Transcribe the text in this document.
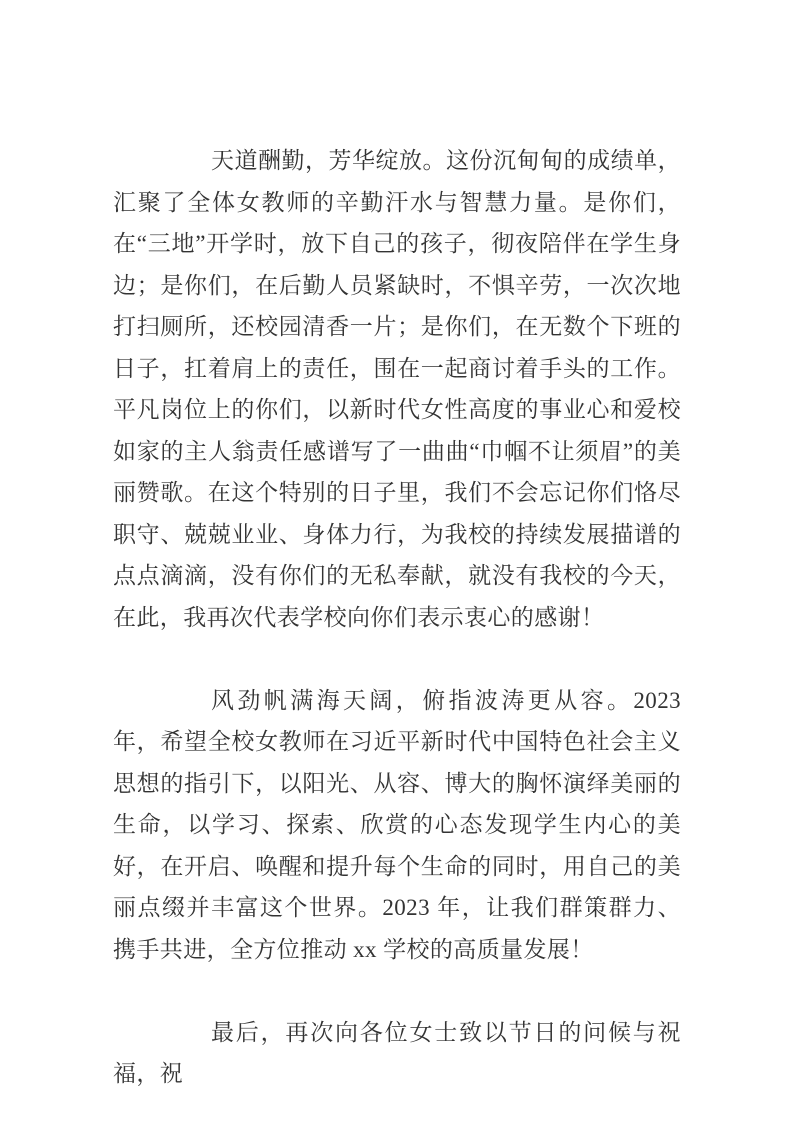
天道酬勤，芳华绽放。这份沉甸甸的成绩单，汇聚了全体女教师的辛勤汗水与智慧力量。是你们，在“三地”开学时，放下自己的孩子，彻夜陪伴在学生身边；是你们，在后勤人员紧缺时，不惧辛劳，一次次地打扫厕所，还校园清香一片；是你们，在无数个下班的日子，扛着肩上的责任，围在一起商讨着手头的工作。平凡岗位上的你们，以新时代女性高度的事业心和爱校如家的主人翁责任感谱写了一曲曲“巾帼不让须眉”的美丽赞歌。在这个特别的日子里，我们不会忘记你们恪尽职守、兢兢业业、身体力行，为我校的持续发展描谱的点点滴滴，没有你们的无私奉献，就没有我校的今天，在此，我再次代表学校向你们表示衷心的感谢！

风劲帆满海天阔，俯指波涛更从容。2023 年，希望全校女教师在习近平新时代中国特色社会主义思想的指引下，以阳光、从容、博大的胸怀演绎美丽的生命，以学习、探索、欣赏的心态发现学生内心的美好，在开启、唤醒和提升每个生命的同时，用自己的美丽点缀并丰富这个世界。2023 年，让我们群策群力、携手共进，全方位推动 xx 学校的高质量发展！

最后，再次向各位女士致以节日的问候与祝福，祝
